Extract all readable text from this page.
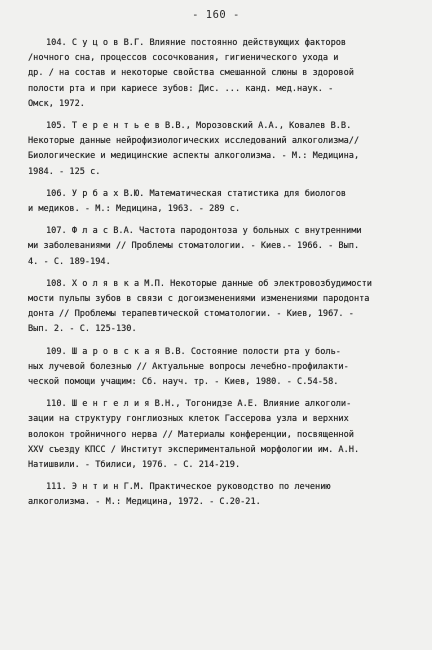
- 160 -
104. С у ц о в В.Г. Влияние постоянно действующих факторов
/ночного сна, процессов сосочкования, гигиенического ухода и
др. / на состав и некоторые свойства смешанной слюны в здоровой
полости рта и при кариесе зубов: Дис. ... канд. мед.наук. -
Омск, 1972.
105. Т е р е н т ь е в В.В., Морозовский А.А., Ковалев В.В.
Некоторые данные нейрофизиологических исследований алкоголизма//
Биологические и медицинские аспекты алкоголизма. - М.: Медицина,
1984. - 125 с.
106. У р б а х В.Ю. Математическая статистика для биологов
и медиков. - М.: Медицина, 1963. - 289 с.
107. Ф л а с В.А. Частота пародонтоза у больных с внутренними
ми заболеваниями // Проблемы стоматологии. - Киев.- 1966. - Вып.
4. - С. 189-194.
108. Х о л я в к а М.П. Некоторые данные об электровозбудимости
мости пульпы зубов в связи с догоизменениями изменениями пародонта
донта // Проблемы терапевтической стоматологии. - Киев, 1967. -
Вып. 2. - С. 125-130.
109. Ш а р о в с к а я В.В. Состояние полости рта у боль-
ных лучевой болезнью // Актуальные вопросы лечебно-профилакти-
ческой помощи учащим: Сб. науч. тр. - Киев, 1980. - С.54-58.
110. Ш е н г е л и я В.Н., Тогонидзе А.Е. Влияние алкоголи-
зации на структуру гонглиозных клеток Гассерова узла и верхних
волокон тройничного нерва // Материалы конференции, посвященной
XXV съезду КПСС / Институт экспериментальной морфологии им. А.Н.
Натишвили. - Тбилиси, 1976. - С. 214-219.
111. Э н т и н Г.М. Практическое руководство по лечению
алкоголизма. - М.: Медицина, 1972. - С.20-21.
